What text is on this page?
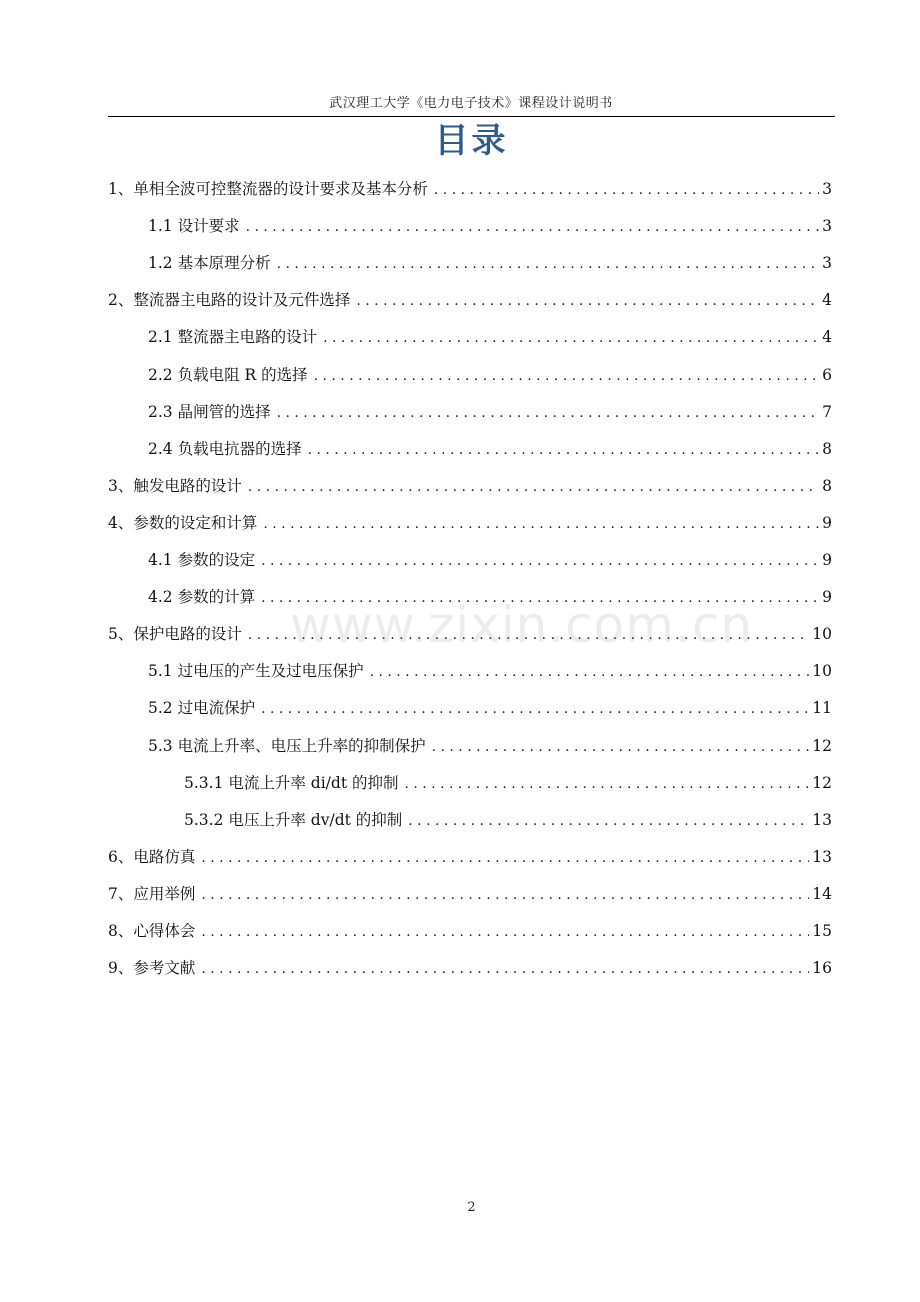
武汉理工大学《电力电子技术》课程设计说明书
目录
1、单相全波可控整流器的设计要求及基本分析 . . .	3
1.1 设计要求 . . .	3
1.2 基本原理分析 . . .	3
2、整流器主电路的设计及元件选择 . . .	4
2.1 整流器主电路的设计 . . .	4
2.2 负载电阻 R 的选择 . . .	6
2.3 晶闸管的选择 . . .	7
2.4 负载电抗器的选择 . . .	8
3、触发电路的设计 . . .	8
4、参数的设定和计算 . . .	9
4.1 参数的设定 . . .	9
4.2 参数的计算 . . .	9
5、保护电路的设计 . . .	10
5.1 过电压的产生及过电压保护 . . .	10
5.2 过电流保护 . . .	11
5.3 电流上升率、电压上升率的抑制保护 . . .	12
5.3.1 电流上升率 di/dt 的抑制 . . .	12
5.3.2 电压上升率 dv/dt 的抑制 . . .	13
6、电路仿真 . . .	13
7、应用举例 . . .	14
8、心得体会 . . .	15
9、参考文献 . . .	16
www.zixin.com.cn
2
